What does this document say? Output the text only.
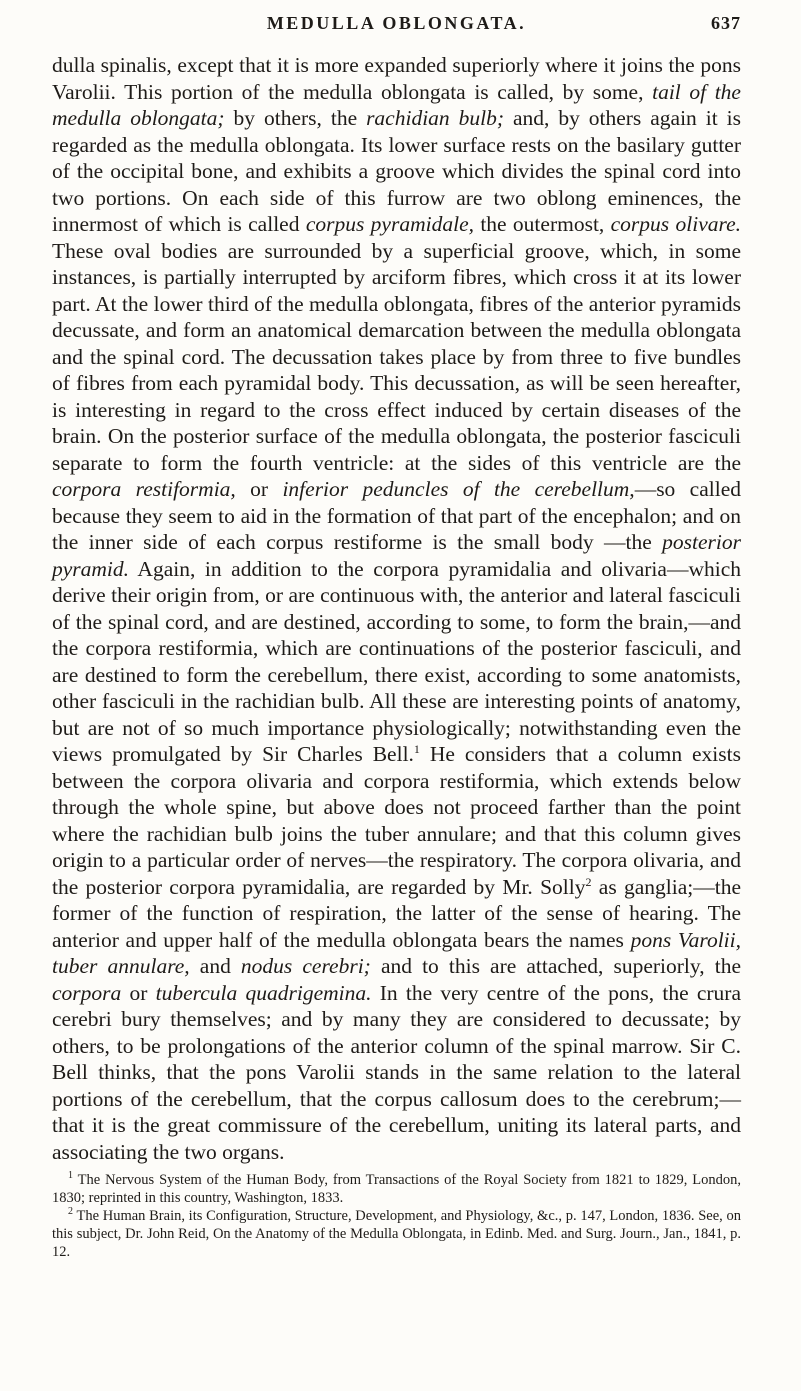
MEDULLA OBLONGATA.	637

dulla spinalis, except that it is more expanded superiorly where it joins the pons Varolii. This portion of the medulla oblongata is called, by some, tail of the medulla oblongata; by others, the rachidian bulb; and, by others again it is regarded as the medulla oblongata. Its lower surface rests on the basilary gutter of the occipital bone, and exhibits a groove which divides the spinal cord into two portions. On each side of this furrow are two oblong eminences, the innermost of which is called corpus pyramidale, the outermost, corpus olivare. These oval bodies are surrounded by a superficial groove, which, in some instances, is partially interrupted by arciform fibres, which cross it at its lower part. At the lower third of the medulla oblongata, fibres of the anterior pyramids decussate, and form an anatomical demarcation between the medulla oblongata and the spinal cord. The decussation takes place by from three to five bundles of fibres from each pyramidal body. This decussation, as will be seen hereafter, is interesting in regard to the cross effect induced by certain diseases of the brain. On the posterior surface of the medulla oblongata, the posterior fasciculi separate to form the fourth ventricle: at the sides of this ventricle are the corpora restiformia, or inferior peduncles of the cerebellum,—so called because they seem to aid in the formation of that part of the encephalon; and on the inner side of each corpus restiforme is the small body —the posterior pyramid. Again, in addition to the corpora pyramidalia and olivaria—which derive their origin from, or are continuous with, the anterior and lateral fasciculi of the spinal cord, and are destined, according to some, to form the brain,—and the corpora restiformia, which are continuations of the posterior fasciculi, and are destined to form the cerebellum, there exist, according to some anatomists, other fasciculi in the rachidian bulb. All these are interesting points of anatomy, but are not of so much importance physiologically; notwithstanding even the views promulgated by Sir Charles Bell.$^1$ He considers that a column exists between the corpora olivaria and corpora restiformia, which extends below through the whole spine, but above does not proceed farther than the point where the rachidian bulb joins the tuber annulare; and that this column gives origin to a particular order of nerves—the respiratory. The corpora olivaria, and the posterior corpora pyramidalia, are regarded by Mr. Solly$^2$ as ganglia;—the former of the function of respiration, the latter of the sense of hearing. The anterior and upper half of the medulla oblongata bears the names pons Varolii, tuber annulare, and nodus cerebri; and to this are attached, superiorly, the corpora or tubercula quadrigemina. In the very centre of the pons, the crura cerebri bury themselves; and by many they are considered to decussate; by others, to be prolongations of the anterior column of the spinal marrow. Sir C. Bell thinks, that the pons Varolii stands in the same relation to the lateral portions of the cerebellum, that the corpus callosum does to the cerebrum;—that it is the great commissure of the cerebellum, uniting its lateral parts, and associating the two organs.

$^1$ The Nervous System of the Human Body, from Transactions of the Royal Society from 1821 to 1829, London, 1830; reprinted in this country, Washington, 1833.

$^2$ The Human Brain, its Configuration, Structure, Development, and Physiology, &c., p. 147, London, 1836. See, on this subject, Dr. John Reid, On the Anatomy of the Medulla Oblongata, in Edinb. Med. and Surg. Journ., Jan., 1841, p. 12.
